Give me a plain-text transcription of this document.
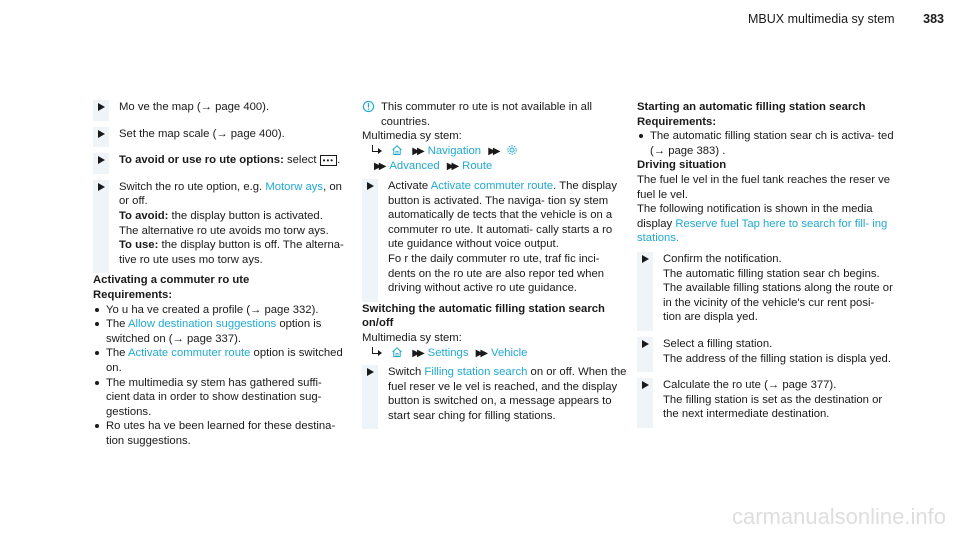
MBUX multimedia sy stem 383
Mo ve the map (→ page 400).
Set the map scale (→ page 400).
To avoid or use ro ute options: select ••• .
Switch the ro ute option, e.g. Motorw ays, on or off.
To avoid: the display button is activated. The alternative ro ute avoids mo torw ays.
To use: the display button is off. The alterna‐ tive ro ute uses mo torw ays.
Activating a commuter ro ute
Requirements:
Yo u ha ve created a profile (→ page 332).
The Allow destination suggestions option is switched on (→ page 337).
The Activate commuter route option is switched on.
The multimedia sy stem has gathered suffi‐ cient data in order to show destination sug‐ gestions.
Ro utes ha ve been learned for these destina‐ tion suggestions.
This commuter ro ute is not available in all countries.
Multimedia sy stem:
▶▶ Navigation ▶▶
▶▶ Advanced ▶▶ Route
Activate Activate commuter route. The display button is activated. The naviga‐ tion sy stem automatically de tects that the vehicle is on a commuter ro ute. It automati‐ cally starts a ro ute guidance without voice output.
Fo r the daily commuter ro ute, traf fic inci‐ dents on the ro ute are also repor ted when driving without active ro ute guidance.
Switching the automatic filling station search on/off
Multimedia sy stem:
▶▶ Settings ▶▶ Vehicle
Switch Filling station search on or off. When the fuel reser ve le vel is reached, and the display button is switched on, a message appears to start sear ching for filling stations.
Starting an automatic filling station search
Requirements:
The automatic filling station sear ch is activa‐ ted (→ page 383) .
Driving situation
The fuel le vel in the fuel tank reaches the reser ve fuel le vel.
The following notification is shown in the media display Reserve fuel Tap here to search for fill‐ ing stations.
Confirm the notification.
The automatic filling station sear ch begins. The available filling stations along the route or in the vicinity of the vehicle's cur rent posi‐ tion are displa yed.
Select a filling station.
The address of the filling station is displa yed.
Calculate the ro ute (→ page 377).
The filling station is set as the destination or the next intermediate destination.
carmanualsonline.info
